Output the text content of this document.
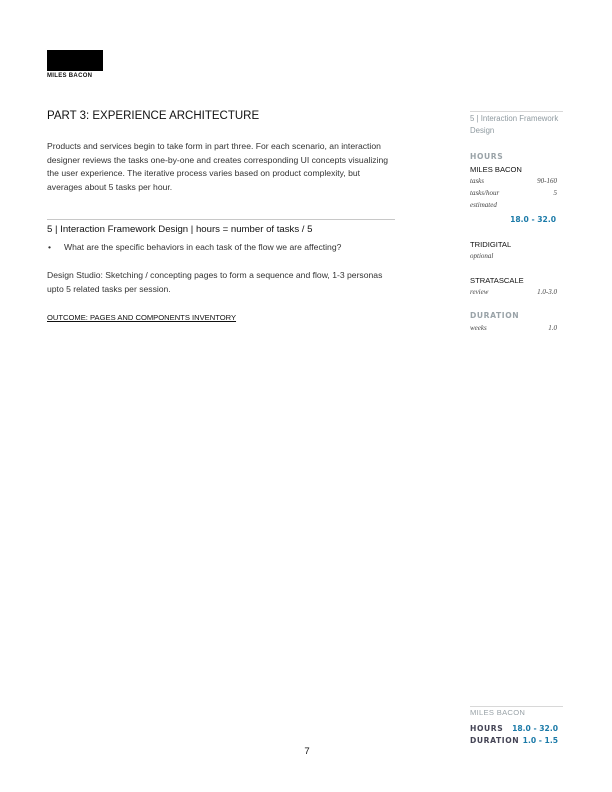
MILES BACON
PART 3: EXPERIENCE ARCHITECTURE
Products and services begin to take form in part three. For each scenario, an interaction designer reviews the tasks one-by-one and creates corresponding UI concepts visualizing the user experience. The iterative process varies based on product complexity, but averages about 5 tasks per hour.
5 | Interaction Framework Design | hours = number of tasks / 5
• What are the specific behaviors in each task of the flow we are affecting?
Design Studio: Sketching / concepting pages to form a sequence and flow, 1-3 personas upto 5 related tasks per session.
OUTCOME: PAGES AND COMPONENTS INVENTORY
5 | Interaction Framework Design
HOURS
MILES BACON
tasks	90-160
tasks/hour	5
estimated
18.0 - 32.0
TRIDIGITAL
optional
STRATASCALE
review	1.0-3.0
DURATION
weeks	1.0
MILES BACON
HOURS 18.0 - 32.0
DURATION 1.0 - 1.5
7
